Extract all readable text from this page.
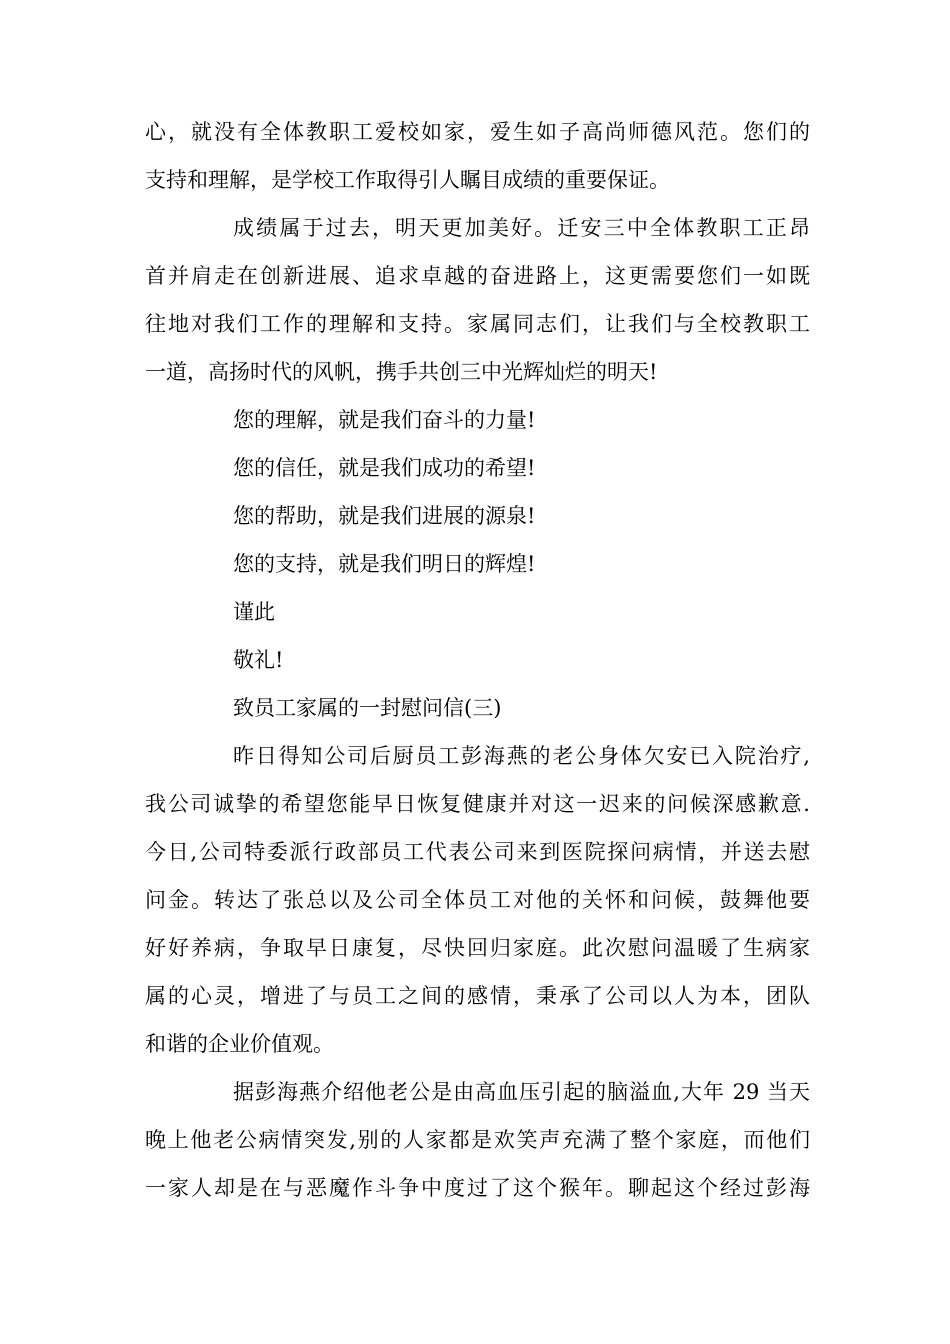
心，就没有全体教职工爱校如家，爱生如子高尚师德风范。您们的
支持和理解，是学校工作取得引人瞩目成绩的重要保证。
成绩属于过去，明天更加美好。迁安三中全体教职工正昂
首并肩走在创新进展、追求卓越的奋进路上，这更需要您们一如既
往地对我们工作的理解和支持。家属同志们，让我们与全校教职工
一道，高扬时代的风帆，携手共创三中光辉灿烂的明天!
您的理解，就是我们奋斗的力量!
您的信任，就是我们成功的希望!
您的帮助，就是我们进展的源泉!
您的支持，就是我们明日的辉煌!
谨此
敬礼!
致员工家属的一封慰问信(三)
昨日得知公司后厨员工彭海燕的老公身体欠安已入院治疗,
我公司诚挚的希望您能早日恢复健康并对这一迟来的问候深感歉意.
今日,公司特委派行政部员工代表公司来到医院探问病情，并送去慰
问金。转达了张总以及公司全体员工对他的关怀和问候，鼓舞他要
好好养病，争取早日康复，尽快回归家庭。此次慰问温暖了生病家
属的心灵，增进了与员工之间的感情，秉承了公司以人为本，团队
和谐的企业价值观。
据彭海燕介绍他老公是由高血压引起的脑溢血,大年 29 当天
晚上他老公病情突发,别的人家都是欢笑声充满了整个家庭，而他们
一家人却是在与恶魔作斗争中度过了这个猴年。聊起这个经过彭海
